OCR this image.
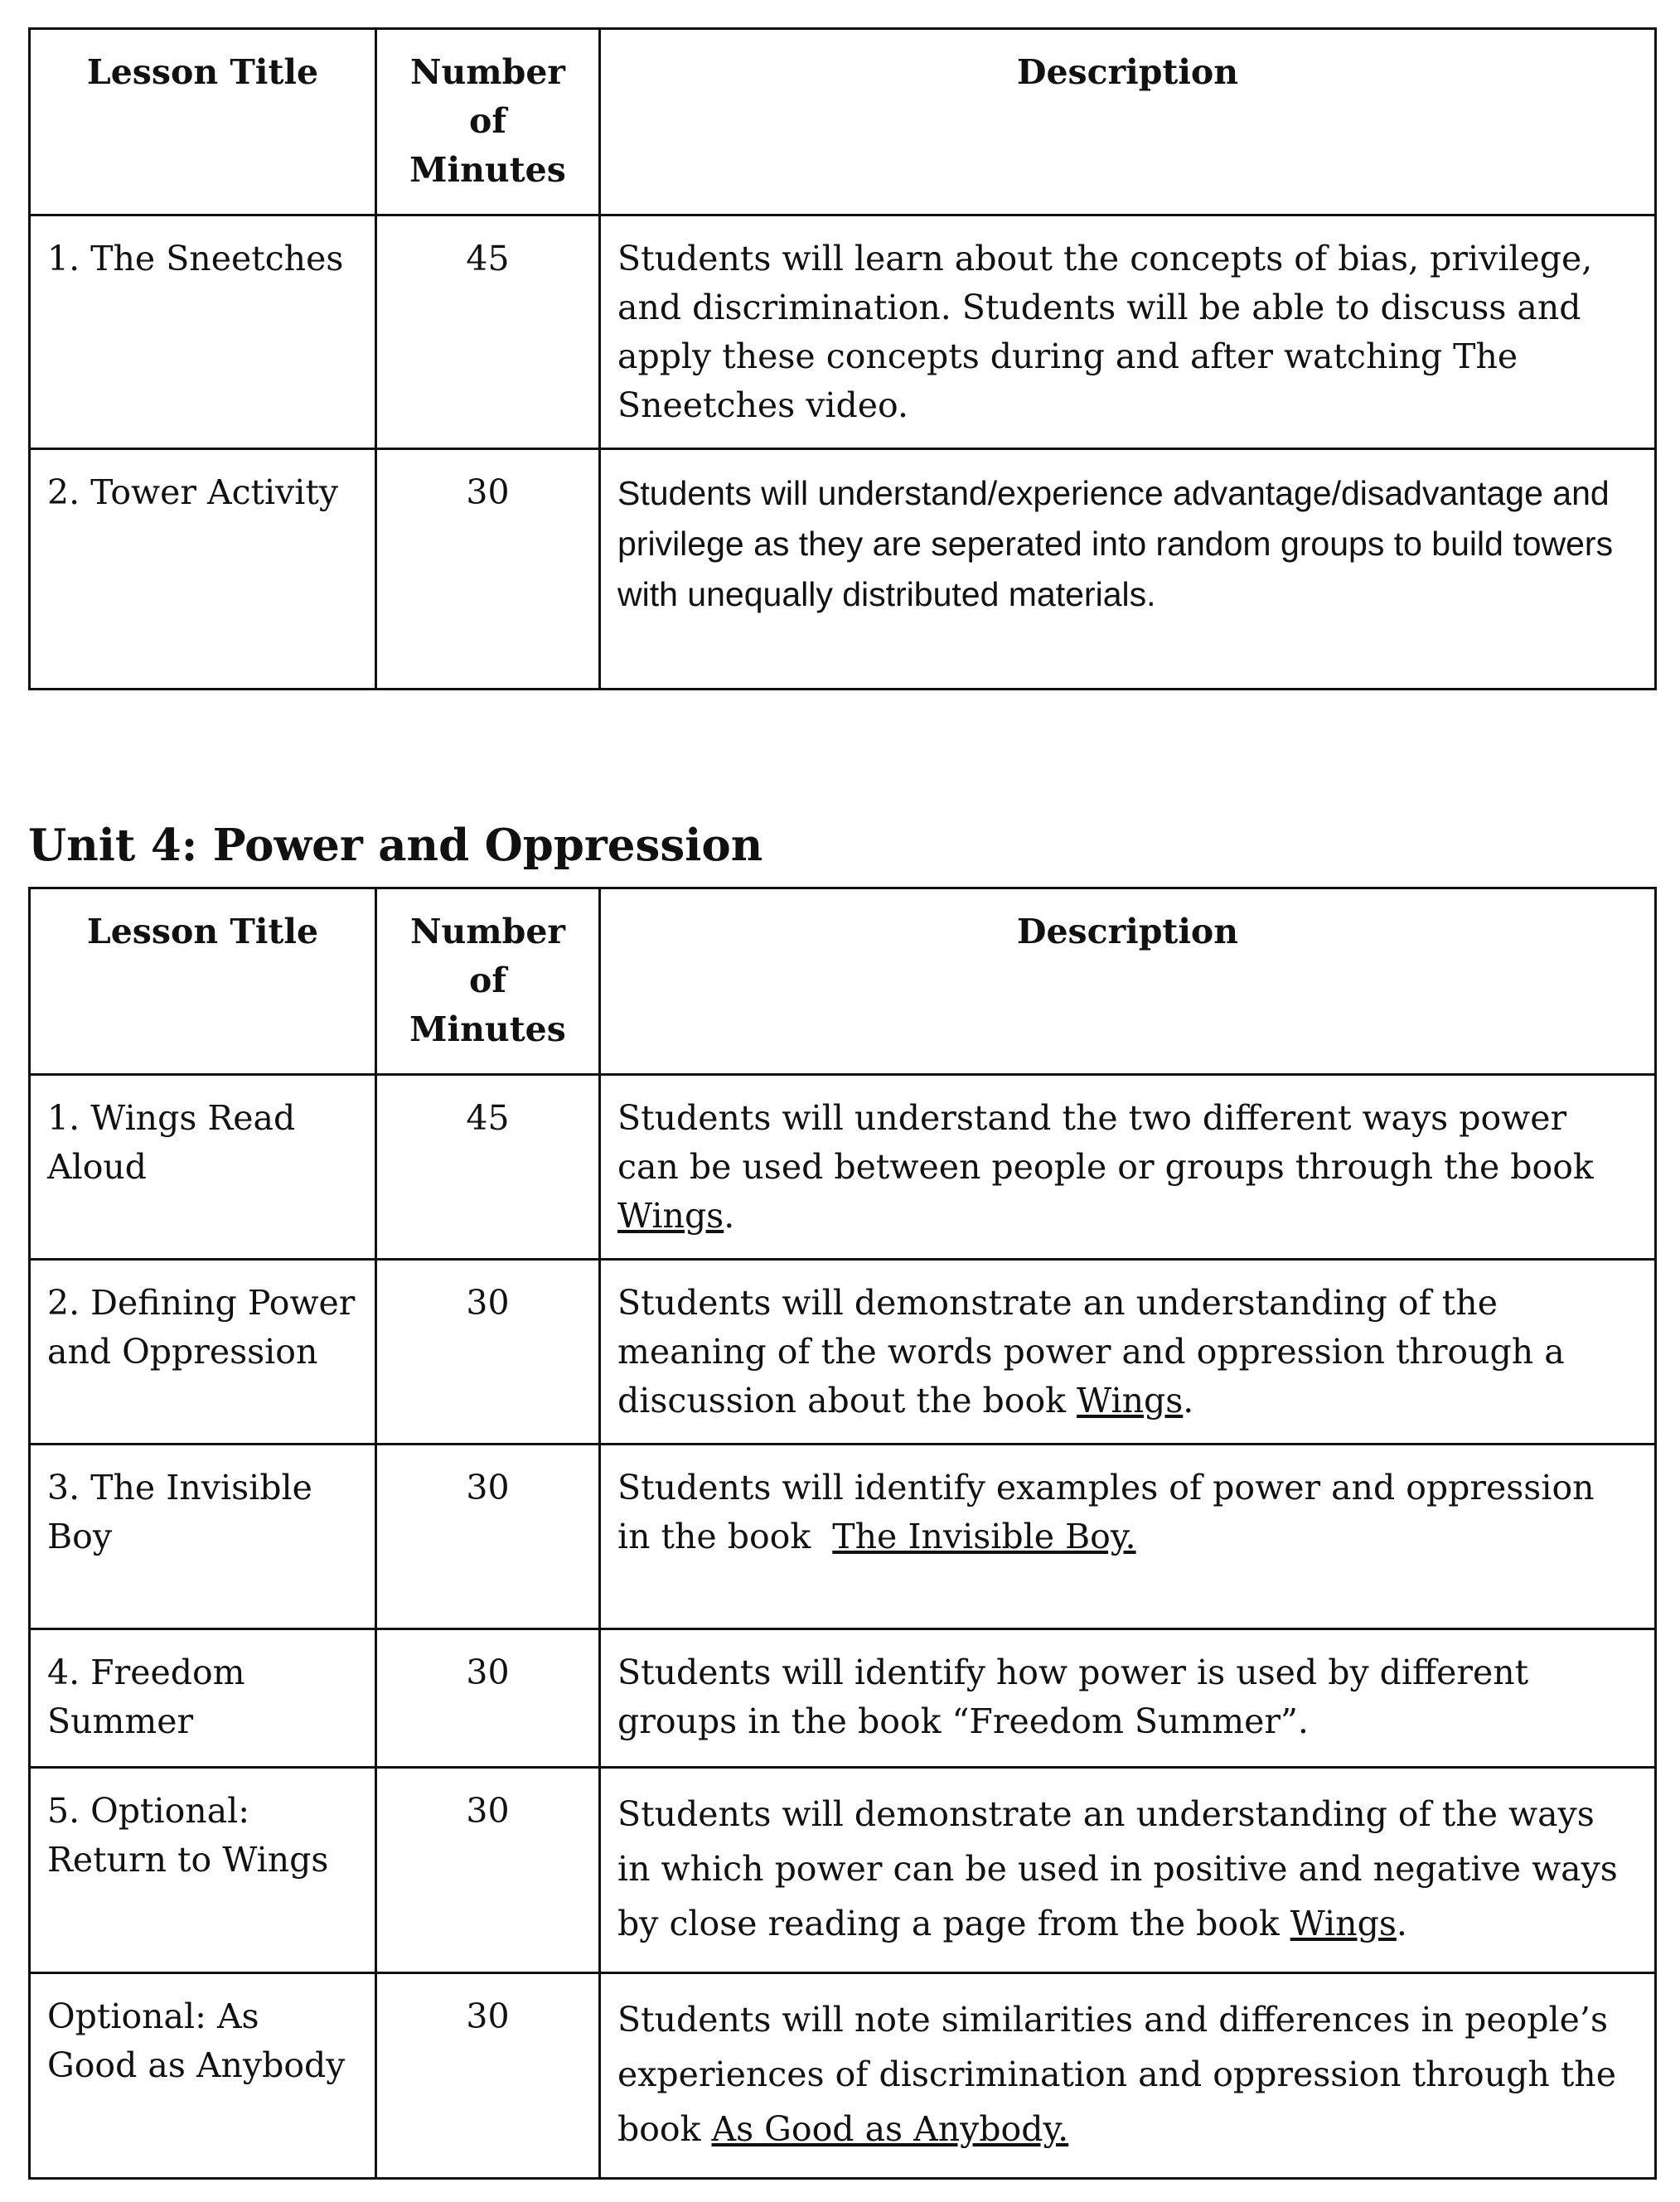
Lesson Title	Number of Minutes	Description
1. The Sneetches	45	Students will learn about the concepts of bias, privilege, and discrimination. Students will be able to discuss and apply these concepts during and after watching The Sneetches video.
2. Tower Activity	30	Students will understand/experience advantage/disadvantage and privilege as they are seperated into random groups to build towers with unequally distributed materials.
Unit 4: Power and Oppression
Lesson Title	Number of Minutes	Description
1. Wings Read Aloud	45	Students will understand the two different ways power can be used between people or groups through the book Wings.
2. Defining Power and Oppression	30	Students will demonstrate an understanding of the meaning of the words power and oppression through a discussion about the book Wings.
3. The Invisible Boy	30	Students will identify examples of power and oppression in the book  The Invisible Boy.
4. Freedom Summer	30	Students will identify how power is used by different groups in the book “Freedom Summer”.
5. Optional: Return to Wings	30	Students will demonstrate an understanding of the ways in which power can be used in positive and negative ways by close reading a page from the book Wings.
Optional: As Good as Anybody	30	Students will note similarities and differences in people’s experiences of discrimination and oppression through the book As Good as Anybody.
